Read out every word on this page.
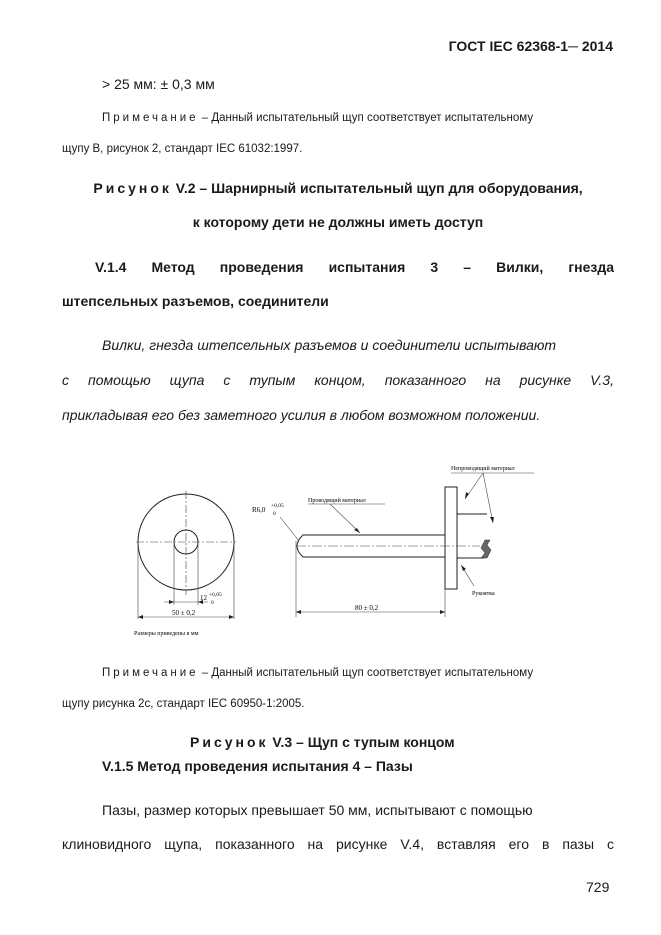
ГОСТ IEC 62368-1─ 2014
> 25 мм: ± 0,3 мм
Примечание – Данный испытательный щуп соответствует испытательному
щупу B, рисунок 2, стандарт IEC 61032:1997.
Рисунок V.2 – Шарнирный испытательный щуп для оборудования,
к которому дети не должны иметь доступ
V.1.4 Метод проведения испытания 3 – Вилки, гнезда
штепсельных разъемов, соединители
Вилки, гнезда штепсельных разъемов и соединители испытывают
с помощью щупа с тупым концом, показанного на рисунке V.3,
прикладывая его без заметного усилия в любом возможном положении.
12 +0,05
0
50 ± 0,2
Размеры приведены в мм
80 ± 0,2
R6,0 +0,05
0
Проводящий материал
Непроводящий материал
Рукоятка
Примечание – Данный испытательный щуп соответствует испытательному
щупу рисунка 2с, стандарт IEC 60950-1:2005.
Рисунок V.3 – Щуп с тупым концом
V.1.5 Метод проведения испытания 4 – Пазы
Пазы, размер которых превышает 50 мм, испытывают с помощью
клиновидного щупа, показанного на рисунке V.4, вставляя его в пазы с
729
